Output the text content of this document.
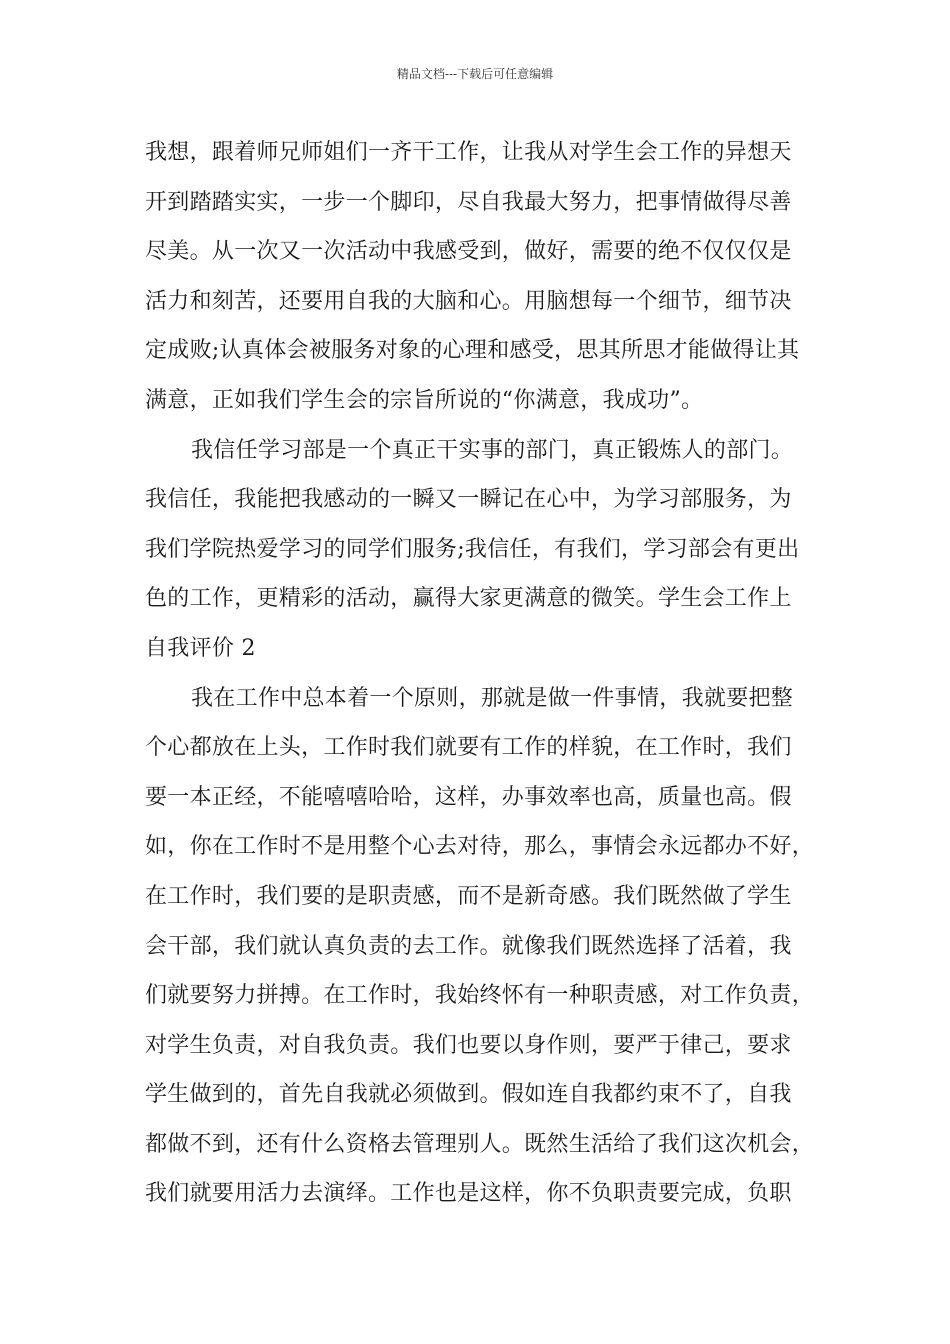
精品文档---下载后可任意编辑
我想，跟着师兄师姐们一齐干工作，让我从对学生会工作的异想天
开到踏踏实实，一步一个脚印，尽自我最大努力，把事情做得尽善
尽美。从一次又一次活动中我感受到，做好，需要的绝不仅仅仅是
活力和刻苦，还要用自我的大脑和心。用脑想每一个细节，细节决
定成败;认真体会被服务对象的心理和感受，思其所思才能做得让其
满意，正如我们学生会的宗旨所说的“你满意，我成功”。
我信任学习部是一个真正干实事的部门，真正锻炼人的部门。
我信任，我能把我感动的一瞬又一瞬记在心中，为学习部服务，为
我们学院热爱学习的同学们服务;我信任，有我们，学习部会有更出
色的工作，更精彩的活动，赢得大家更满意的微笑。学生会工作上
自我评价 2
我在工作中总本着一个原则，那就是做一件事情，我就要把整
个心都放在上头，工作时我们就要有工作的样貌，在工作时，我们
要一本正经，不能嘻嘻哈哈，这样，办事效率也高，质量也高。假
如，你在工作时不是用整个心去对待，那么，事情会永远都办不好，
在工作时，我们要的是职责感，而不是新奇感。我们既然做了学生
会干部，我们就认真负责的去工作。就像我们既然选择了活着，我
们就要努力拼搏。在工作时，我始终怀有一种职责感，对工作负责，
对学生负责，对自我负责。我们也要以身作则，要严于律己，要求
学生做到的，首先自我就必须做到。假如连自我都约束不了，自我
都做不到，还有什么资格去管理别人。既然生活给了我们这次机会，
我们就要用活力去演绎。工作也是这样，你不负职责要完成，负职
